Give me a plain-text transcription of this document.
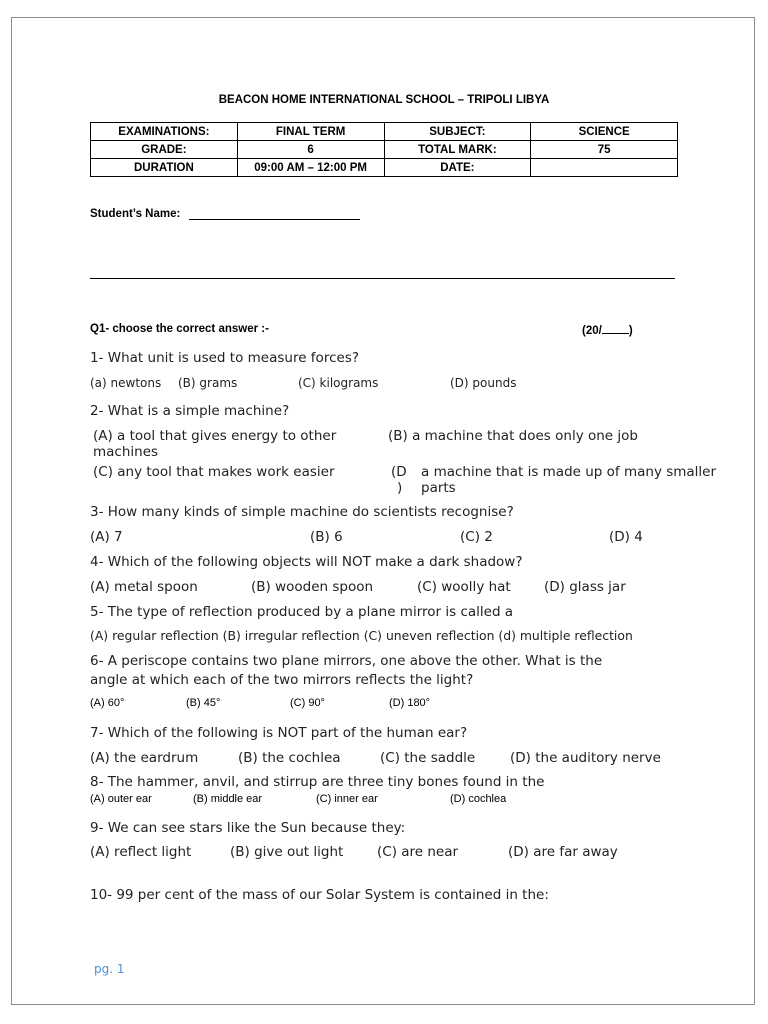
BEACON HOME INTERNATIONAL SCHOOL – TRIPOLI LIBYA
EXAMINATIONS:	FINAL TERM	SUBJECT:	SCIENCE
GRADE:	6	TOTAL MARK:	75
DURATION	09:00 AM – 12:00 PM	DATE:	
Student’s Name:
Q1- choose the correct answer :-	(20/ )
1- What unit is used to measure forces?
(a) newtons (B) grams	(C) kilograms	(D) pounds
2- What is a simple machine?
(A) a tool that gives energy to other
machines
(B) a machine that does only one job
(C) any tool that makes work easier	(D
)
a machine that is made up of many smaller
parts
3- How many kinds of simple machine do scientists recognise?
(A) 7	(B) 6	(C) 2	(D) 4
4- Which of the following objects will NOT make a dark shadow?
(A) metal spoon	(B) wooden spoon	(C) woolly hat (D) glass jar
5- The type of reflection produced by a plane mirror is called a
(A) regular reflection (B) irregular reflection (C) uneven reflection (d) multiple reflection
6- A periscope contains two plane mirrors, one above the other. What is the
angle at which each of the two mirrors reflects the light?
(A) 60°	(B) 45°	(C) 90°	(D) 180°
7- Which of the following is NOT part of the human ear?
(A) the eardrum	(B) the cochlea	(C) the saddle	(D) the auditory nerve
8- The hammer, anvil, and stirrup are three tiny bones found in the
(A) outer ear	(B) middle ear	(C) inner ear	(D) cochlea
9- We can see stars like the Sun because they:
(A) reflect light	(B) give out light (C) are near	(D) are far away
10- 99 per cent of the mass of our Solar System is contained in the:
pg. 1
